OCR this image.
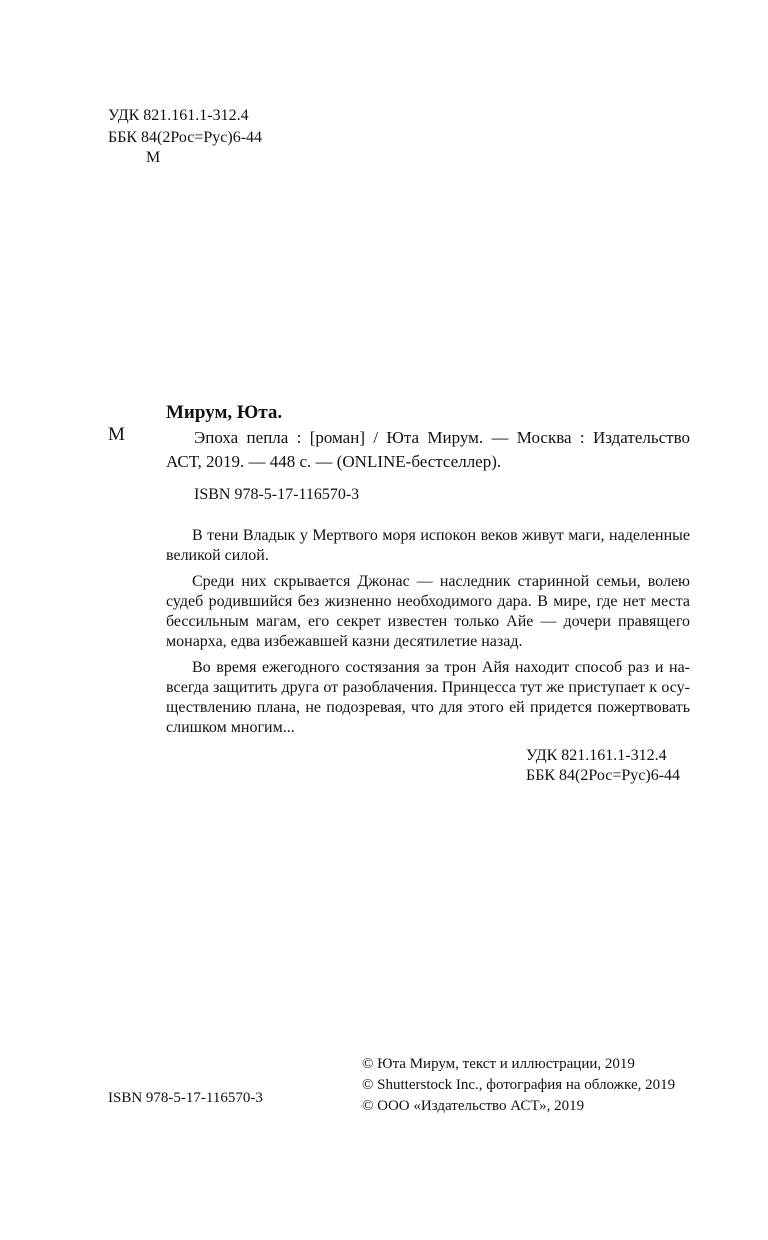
УДК 821.161.1-312.4
ББК 84(2Рос=Рус)6-44
М
Мирум, Юта.
М	Эпоха пепла : [роман] / Юта Мирум. — Москва : Издательство
АСТ, 2019. — 448 с. — (ONLINE-бестселлер).
ISBN 978-5-17-116570-3
В тени Владык у Мертвого моря испокон веков живут маги, наделенные
великой силой.
Среди них скрывается Джонас — наследник старинной семьи, волею
судеб родившийся без жизненно необходимого дара. В мире, где нет места
бессильным магам, его секрет известен только Айе — дочери правящего
монарха, едва избежавшей казни десятилетие назад.
Во время ежегодного состязания за трон Айя находит способ раз и на-
всегда защитить друга от разоблачения. Принцесса тут же приступает к осу-
ществлению плана, не подозревая, что для этого ей придется пожертвовать
слишком многим...
УДК 821.161.1-312.4
ББК 84(2Рос=Рус)6-44
© Юта Мирум, текст и иллюстрации, 2019
© Shutterstock Inc., фотография на обложке, 2019
© ООО «Издательство АСТ», 2019
ISBN 978-5-17-116570-3
